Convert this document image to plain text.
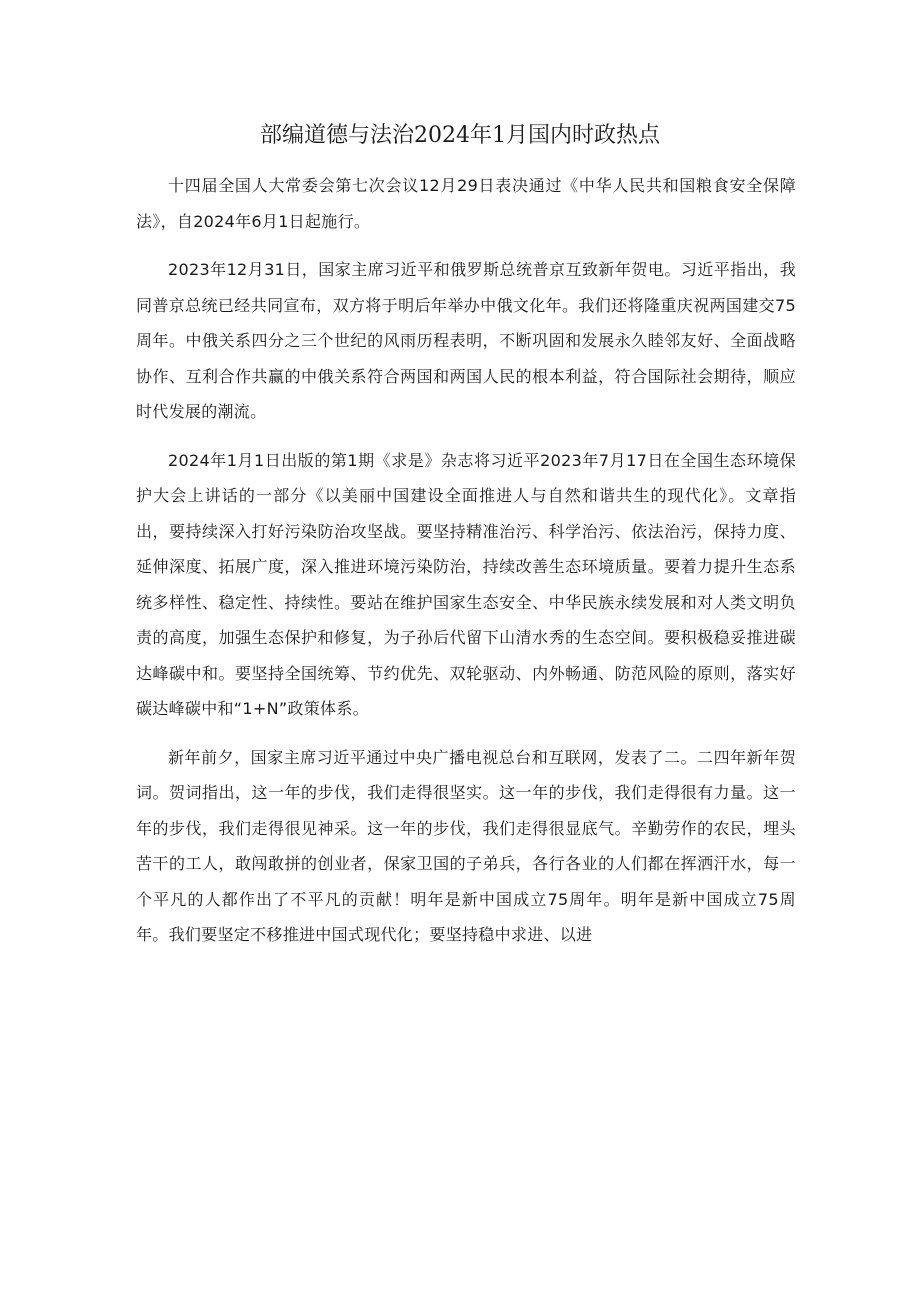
部编道德与法治2024年1月国内时政热点

十四届全国人大常委会第七次会议12月29日表决通过《中华人民共和国粮食安全保障法》，自2024年6月1日起施行。

2023年12月31日，国家主席习近平和俄罗斯总统普京互致新年贺电。习近平指出，我同普京总统已经共同宣布，双方将于明后年举办中俄文化年。我们还将隆重庆祝两国建交75周年。中俄关系四分之三个世纪的风雨历程表明，不断巩固和发展永久睦邻友好、全面战略协作、互利合作共赢的中俄关系符合两国和两国人民的根本利益，符合国际社会期待，顺应时代发展的潮流。

2024年1月1日出版的第1期《求是》杂志将习近平2023年7月17日在全国生态环境保护大会上讲话的一部分《以美丽中国建设全面推进人与自然和谐共生的现代化》。文章指出，要持续深入打好污染防治攻坚战。要坚持精准治污、科学治污、依法治污，保持力度、延伸深度、拓展广度，深入推进环境污染防治，持续改善生态环境质量。要着力提升生态系统多样性、稳定性、持续性。要站在维护国家生态安全、中华民族永续发展和对人类文明负责的高度，加强生态保护和修复，为子孙后代留下山清水秀的生态空间。要积极稳妥推进碳达峰碳中和。要坚持全国统筹、节约优先、双轮驱动、内外畅通、防范风险的原则，落实好碳达峰碳中和“1+N”政策体系。

新年前夕，国家主席习近平通过中央广播电视总台和互联网，发表了二。二四年新年贺词。贺词指出，这一年的步伐，我们走得很坚实。这一年的步伐，我们走得很有力量。这一年的步伐，我们走得很见神采。这一年的步伐，我们走得很显底气。辛勤劳作的农民，埋头苦干的工人，敢闯敢拼的创业者，保家卫国的子弟兵，各行各业的人们都在挥洒汗水，每一个平凡的人都作出了不平凡的贡献！明年是新中国成立75周年。明年是新中国成立75周年。我们要坚定不移推进中国式现代化；要坚持稳中求进、以进
